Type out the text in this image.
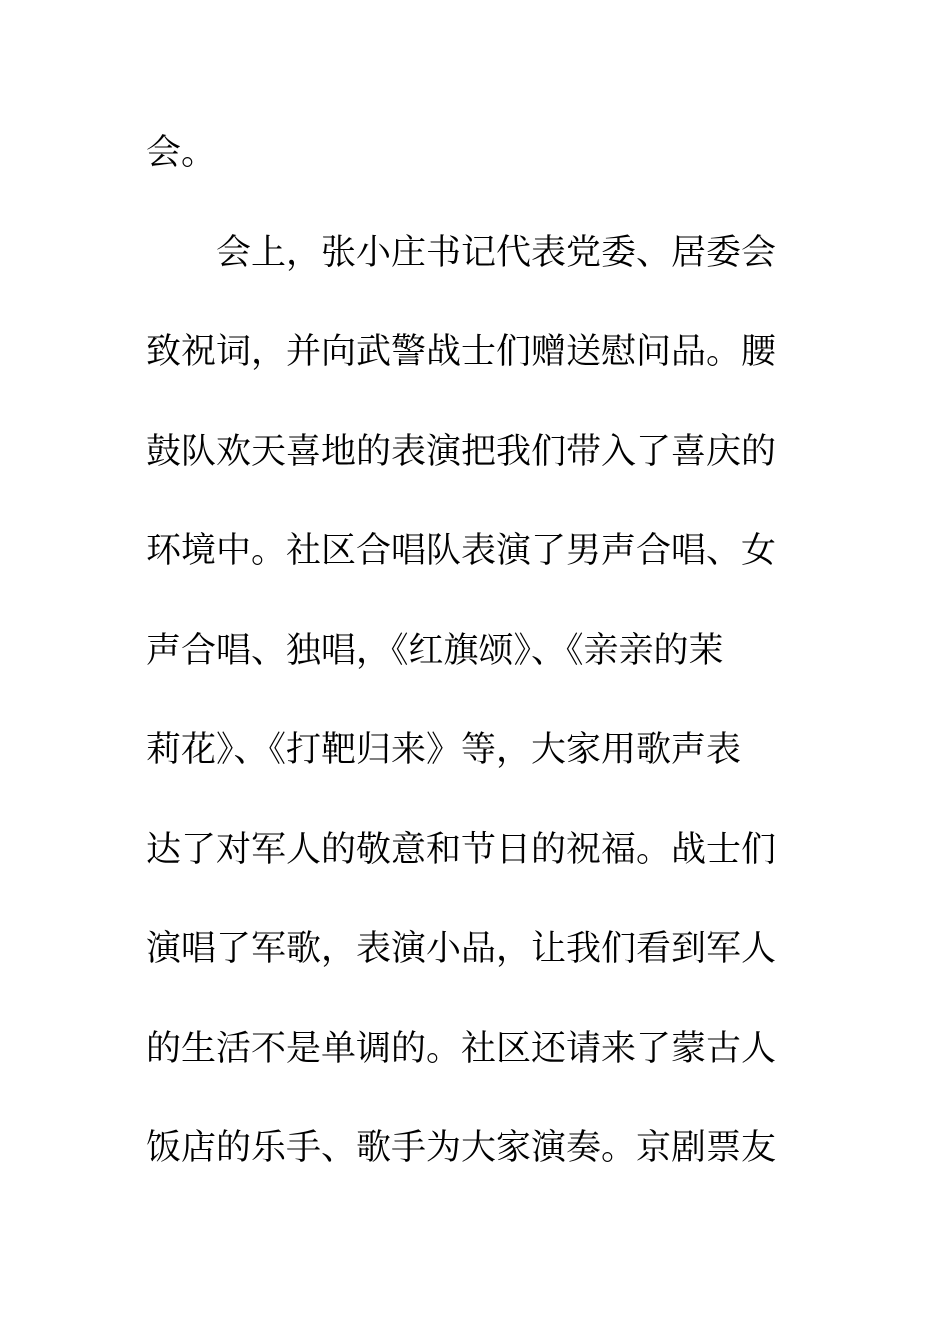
会。
会上，张小庄书记代表党委、居委会
致祝词，并向武警战士们赠送慰问品。腰
鼓队欢天喜地的表演把我们带入了喜庆的
环境中。社区合唱队表演了男声合唱、女
声合唱、独唱，《红旗颂》、《亲亲的茉
莉花》、《打靶归来》等，大家用歌声表
达了对军人的敬意和节日的祝福。战士们
演唱了军歌，表演小品，让我们看到军人
的生活不是单调的。社区还请来了蒙古人
饭店的乐手、歌手为大家演奏。京剧票友
